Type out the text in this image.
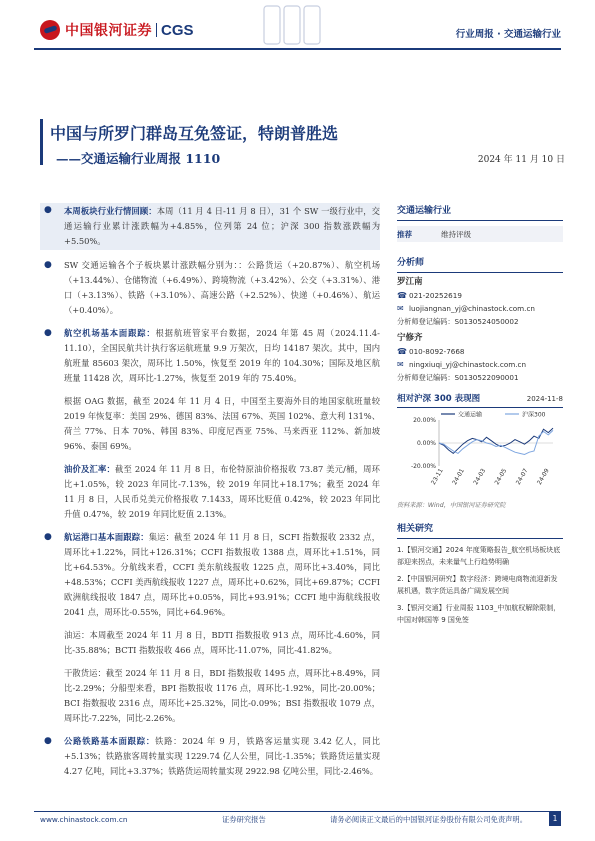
中国银河证券 CGS	行业周报 · 交通运输行业
中国与所罗门群岛互免签证，特朗普胜选
——交通运输行业周报 1110	2024 年 11 月 10 日
● 本周板块行业行情回顾：本周（11 月 4 日-11 月 8 日），31 个 SW 一级行业中，交通运输行业累计涨跌幅为+4.85%，位列第 24 位；沪深 300 指数涨跌幅为+5.50%。
● SW 交通运输各个子板块累计涨跌幅分别为：：公路货运（+20.87%）、航空机场（+13.44%）、仓储物流（+6.49%）、跨境物流（+3.42%）、公交（+3.31%）、港口（+3.13%）、铁路（+3.10%）、高速公路（+2.52%）、快递（+0.46%）、航运（+0.40%）。
● 航空机场基本面跟踪：根据航班管家平台数据，2024 年第 45 周（2024.11.4-11.10），全国民航共计执行客运航班量 9.9 万架次，日均 14187 架次。其中，国内航班量 85603 架次，周环比 1.50%，恢复至 2019 年的 104.30%；国际及地区航班量 11428 次，周环比-1.27%，恢复至 2019 年的 75.40%。
根据 OAG 数据，截至 2024 年 11 月 4 日，中国至主要海外目的地国家航班量较 2019 年恢复率：美国 29%、德国 83%、法国 67%、英国 102%、意大利 131%、荷兰 77%、日本 70%、韩国 83%、印度尼西亚 75%、马来西亚 112%、新加坡 96%、泰国 69%。
油价及汇率：截至 2024 年 11 月 8 日，布伦特原油价格报收 73.87 美元/桶，周环比+1.05%，较 2023 年同比-7.13%，较 2019 年同比+18.17%；截至 2024 年 11 月 8 日，人民币兑美元价格报收 7.1433，周环比贬值 0.42%，较 2023 年同比升值 0.47%，较 2019 年同比贬值 2.13%。
● 航运港口基本面跟踪：集运：截至 2024 年 11 月 8 日，SCFI 指数报收 2332 点，周环比+1.22%，同比+126.31%；CCFI 指数报收 1388 点，周环比+1.51%，同比+64.53%。分航线来看，CCFI 美东航线报收 1225 点，周环比+3.40%，同比+48.53%；CCFI 美西航线报收 1227 点，周环比+0.62%，同比+69.87%；CCFI 欧洲航线报收 1847 点，周环比+0.05%，同比+93.91%；CCFI 地中海航线报收 2041 点，周环比-0.55%，同比+64.96%。
油运：本周截至 2024 年 11 月 8 日，BDTI 指数报收 913 点，周环比-4.60%，同比-35.88%；BCTI 指数报收 466 点，周环比-11.07%，同比-41.82%。
干散货运：截至 2024 年 11 月 8 日，BDI 指数报收 1495 点，周环比+8.49%，同比-2.29%；分船型来看，BPI 指数报收 1176 点，周环比-1.92%，同比-20.00%；BCI 指数报收 2316 点，周环比+25.32%，同比-0.09%；BSI 指数报收 1079 点，周环比-7.22%，同比-2.26%。
● 公路铁路基本面跟踪：铁路：2024 年 9 月，铁路客运量实现 3.42 亿人，同比+5.13%；铁路旅客周转量实现 1229.74 亿人公里，同比-1.35%；铁路货运量实现 4.27 亿吨，同比+3.37%；铁路货运周转量实现 2922.98 亿吨公里，同比-2.46%。
交通运输行业
推荐	维持评级
分析师
罗江南
☎ 021-20252619
✉ luojiangnan_yj@chinastock.com.cn
分析师登记编码：S0130524050002
宁修齐
☎ 010-8092-7668
✉ ningxiuqi_yj@chinastock.com.cn
分析师登记编码：S0130522090001
相对沪深 300 表现图	2024-11-8
交通运输	沪深300
20.00%
0.00%
-20.00%
23-11 24-01 24-03 24-05 24-07 24-09
资料来源：Wind，中国银河证券研究院
相关研究
1.【银河交通】2024 年度策略报告_航空机场板块底部迎来拐点，未来量气上行趋势明确
2.【中国银河研究】数字经济：跨境电商物流迎新发展机遇，数字货运具备广阔发展空间
3.【银河交通】行业周报 1103_中加航权解除限制，中国对韩国等 9 国免签
www.chinastock.com.cn	证券研究报告	请务必阅读正文最后的中国银河证券股份有限公司免责声明。	1
